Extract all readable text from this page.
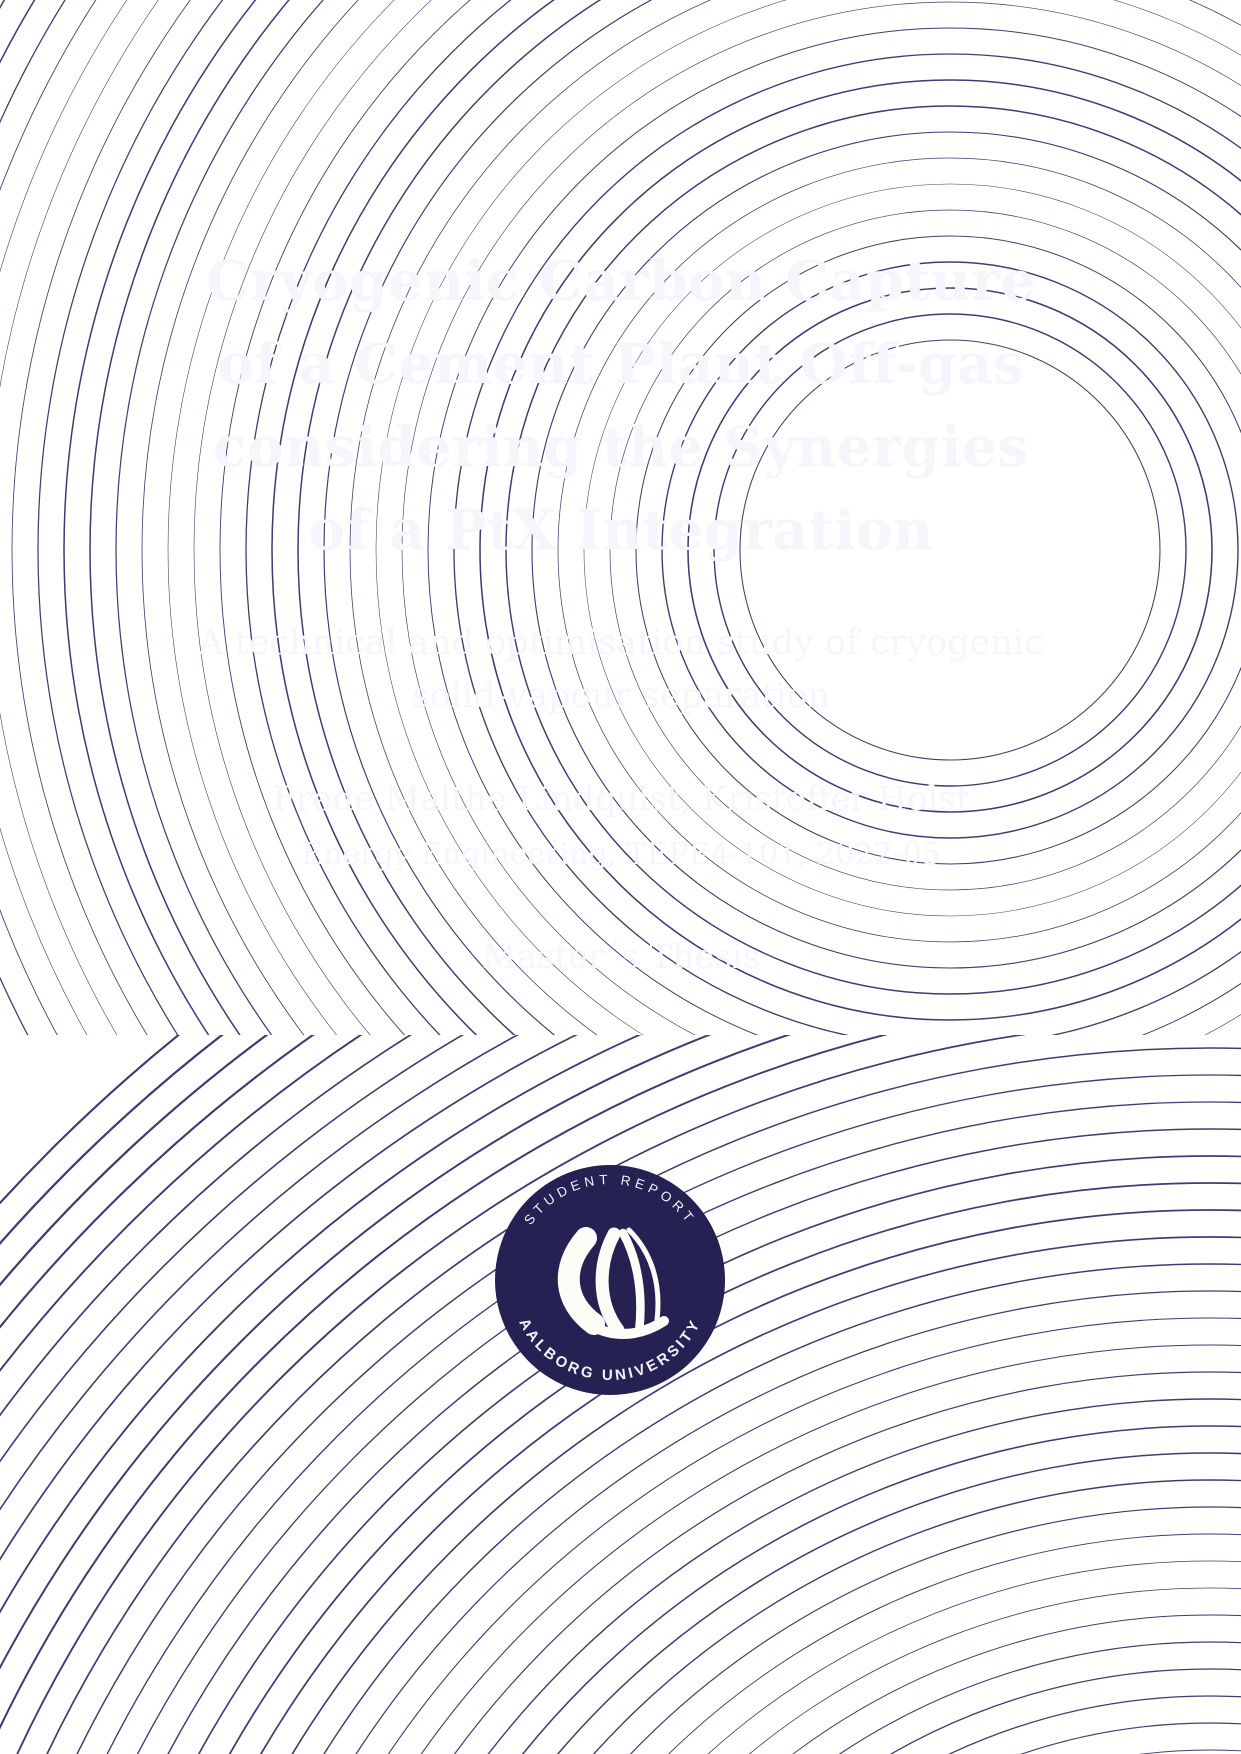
STUDENT REPORT
AALBORG UNIVERSITY
Cryogenic Carbon Capture
of a Cement Plant Off-gas
considering the Synergies
of a PtX Integration
A technical and optimisation study of cryogenic
solid-vapour separation
Frede Malthe Lindquist, Kristoffer Holst
Energy Engineering, TEPE4-101, 2022-05
Master´s Thesis
